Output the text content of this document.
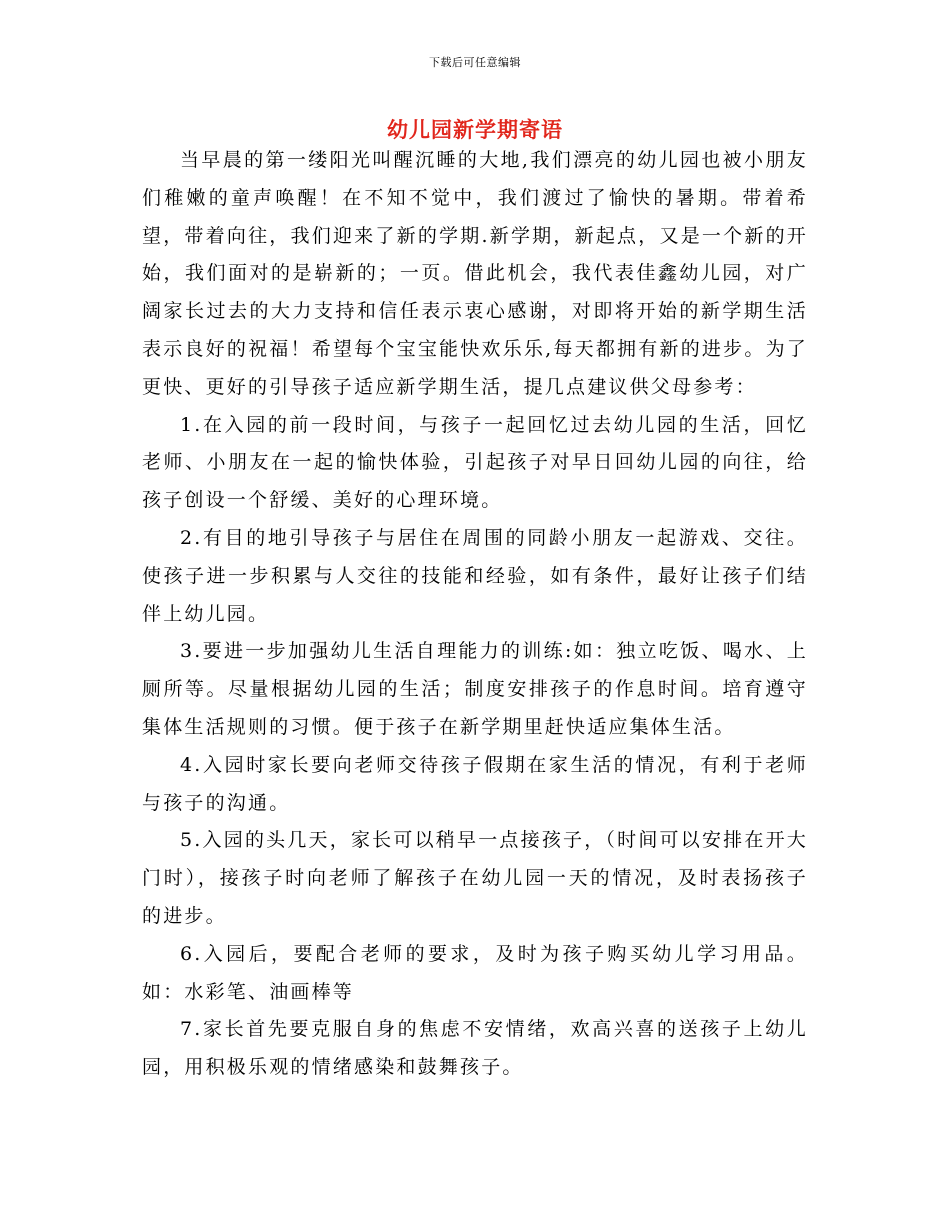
下载后可任意编辑
幼儿园新学期寄语

当早晨的第一缕阳光叫醒沉睡的大地,我们漂亮的幼儿园也被小朋友们稚嫩的童声唤醒！在不知不觉中，我们渡过了愉快的暑期。带着希望，带着向往，我们迎来了新的学期.新学期，新起点，又是一个新的开始，我们面对的是崭新的；一页。借此机会，我代表佳鑫幼儿园，对广阔家长过去的大力支持和信任表示衷心感谢，对即将开始的新学期生活表示良好的祝福！希望每个宝宝能快欢乐乐,每天都拥有新的进步。为了更快、更好的引导孩子适应新学期生活，提几点建议供父母参考：

1.在入园的前一段时间，与孩子一起回忆过去幼儿园的生活，回忆老师、小朋友在一起的愉快体验，引起孩子对早日回幼儿园的向往，给孩子创设一个舒缓、美好的心理环境。

2.有目的地引导孩子与居住在周围的同龄小朋友一起游戏、交往。使孩子进一步积累与人交往的技能和经验，如有条件，最好让孩子们结伴上幼儿园。

3.要进一步加强幼儿生活自理能力的训练:如：独立吃饭、喝水、上厕所等。尽量根据幼儿园的生活；制度安排孩子的作息时间。培育遵守集体生活规则的习惯。便于孩子在新学期里赶快适应集体生活。

4.入园时家长要向老师交待孩子假期在家生活的情况，有利于老师与孩子的沟通。

5.入园的头几天，家长可以稍早一点接孩子，（时间可以安排在开大门时），接孩子时向老师了解孩子在幼儿园一天的情况，及时表扬孩子的进步。

6.入园后，要配合老师的要求，及时为孩子购买幼儿学习用品。如：水彩笔、油画棒等

7.家长首先要克服自身的焦虑不安情绪，欢高兴喜的送孩子上幼儿园，用积极乐观的情绪感染和鼓舞孩子。
